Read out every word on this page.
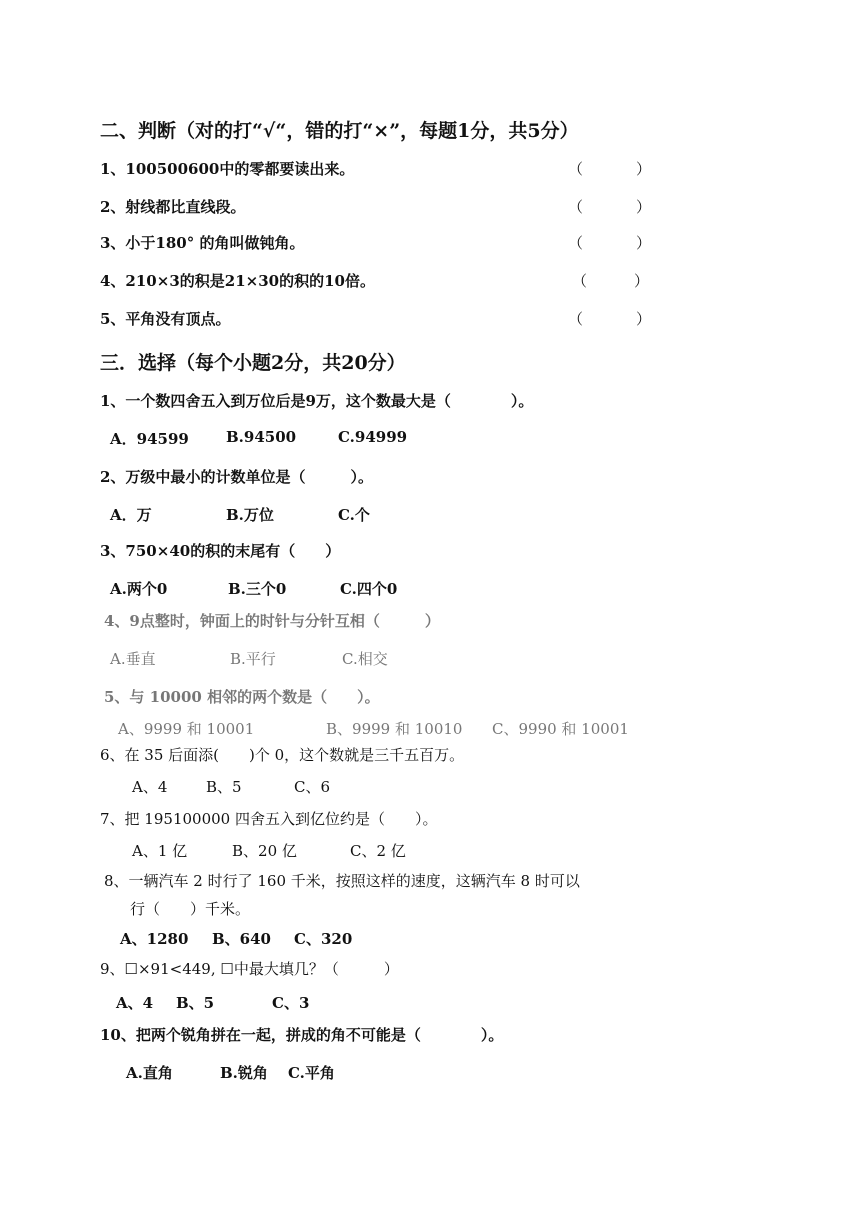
二、判断（对的打“√“，错的打“×”，每题1分，共5分）
1、100500600中的零都要读出来。	（	）
2、射线都比直线段。	（	）
3、小于180° 的角叫做钝角。	（	）
4、210×3的积是21×30的积的10倍。	（	）
5、平角没有顶点。	（	）
三．选择（每个小题2分，共20分）
1、一个数四舍五入到万位后是9万，这个数最大是（　　　　）。
A．94599 B.94500	C.94999
2、万级中最小的计数单位是（　　　）。
A．万	B.万位	C.个
3、750×40的积的末尾有（　　）
A.两个0	B.三个0	C.四个0
4、9点整时，钟面上的时针与分针互相（　　　）
A.垂直	B.平行	C.相交
5、与 10000 相邻的两个数是（　　）。
A、9999 和 10001	B、9999 和 10010 C、9990 和 10001
6、在 35 后面添(　　)个 0，这个数就是三千五百万。
A、4	B、5	C、6
7、把 195100000 四舍五入到亿位约是（　　）。
A、1 亿	B、20 亿	C、2 亿
8、一辆汽车 2 时行了 160 千米，按照这样的速度，这辆汽车 8 时可以
行（　　）千米。
A、1280 B、640 C、320
9、☐×91<449, ☐中最大填几？（　　　）
A、4 B、5	C、3
10、把两个锐角拼在一起，拼成的角不可能是（　　　　）。
A.直角	B.锐角 C.平角
